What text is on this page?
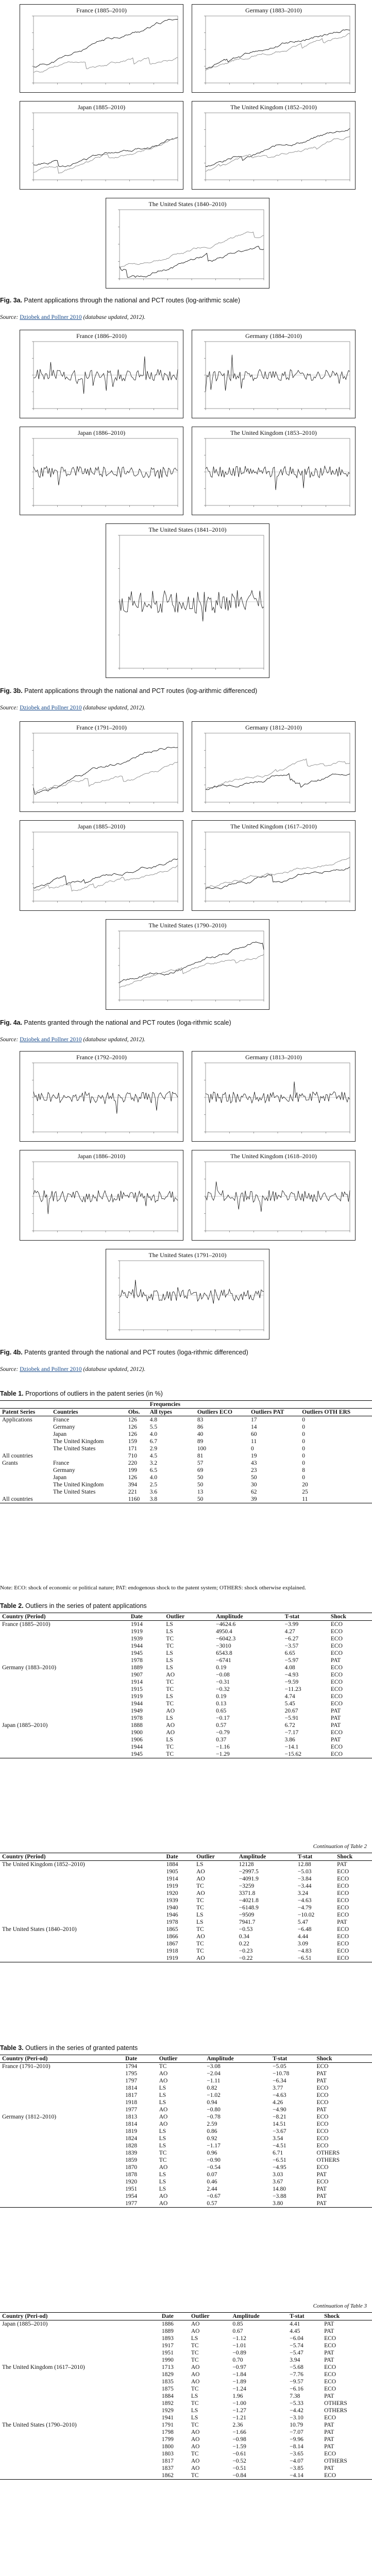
France (1885–2010)	Germany (1883–2010)
Japan (1885–2010)	The United Kingdom (1852–2010)
The United States (1840–2010)
Fig. 3a. Patent applications through the national and PCT routes (log-arithmic scale)
Source: Dziobek and Pollner 2010 (database updated, 2012).
France (1886–2010)	Germany (1884–2010)
Japan (1886–2010)	The United Kingdom (1853–2010)
The United States (1841–2010)
Fig. 3b. Patent applications through the national and PCT routes (log-arithmic differenced)
Source: Dziobek and Pollner 2010 (database updated, 2012).
France (1791–2010)	Germany (1812–2010)
Japan (1885–2010)	The United Kingdom (1617–2010)
The United States (1790–2010)
Fig. 4a. Patents granted through the national and PCT routes (loga-rithmic scale)
Source: Dziobek and Pollner 2010 (database updated, 2012).
France (1792–2010)	Germany (1813–2010)
Japan (1886–2010)	The United Kingdom (1618–2010)
The United States (1791–2010)
Fig. 4b. Patents granted through the national and PCT routes (loga-rithmic differenced)
Source: Dziobek and Pollner 2010 (database updated, 2012).
Table 1. Proportions of outliers in the patent series (in %)
			Frequencies			
Patent Series	Countries	Obs.	All types	Outliers ECO	Outliers PAT	Outliers OTH ERS
Applications	France	126	4.8	83	17	0
	Germany	126	5.5	86	14	0
	Japan	126	4.0	40	60	0
	The United Kingdom	159	6.7	89	11	0
	The United States	171	2.9	100	0	0
All countries		710	4.5	81	19	0
Grants	France	220	3.2	57	43	0
	Germany	199	6.5	69	23	8
	Japan	126	4.0	50	50	0
	The United Kingdom	394	2.5	50	30	20
	The United States	221	3.6	13	62	25
All countries		1160	3.8	50	39	11
Note: ECO: shock of economic or political nature; PAT: endogenous shock to the patent system; OTHERS: shock otherwise explained.
Table 2. Outliers in the series of patent applications
Country (Period)	Date	Outlier	Amplitude	T-stat	Shock
France (1885–2010)	1914	LS	−4624.6	−3.99	ECO
	1919	LS	4950.4	4.27	ECO
	1939	TC	−6042.3	−6.27	ECO
	1944	TC	−3010	−3.57	ECO
	1945	LS	6543.8	6.65	ECO
	1978	LS	−6741	−5.97	PAT
Germany (1883–2010)	1889	LS	0.19	4.08	ECO
	1907	AO	−0.08	−4.93	ECO
	1914	TC	−0.31	−9.59	ECO
	1915	TC	−0.32	−11.23	ECO
	1919	LS	0.19	4.74	ECO
	1944	TC	0.13	5.45	ECO
	1949	AO	0.65	20.67	PAT
	1978	LS	−0.17	−5.91	PAT
Japan (1885–2010)	1888	AO	0.57	6.72	PAT
	1900	AO	−0.79	−7.17	ECO
	1906	LS	0.37	3.86	PAT
	1944	TC	−1.16	−14.1	ECO
	1945	TC	−1.29	−15.62	ECO
Continuation of Table 2
Country (Period)	Date	Outlier	Amplitude	T-stat	Shock
The United Kingdom (1852–2010)	1884	LS	12128	12.88	PAT
	1905	AO	−2997.5	−5.03	ECO
	1914	AO	−4091.9	−3.84	ECO
	1919	TC	−3259	−3.44	ECO
	1920	AO	3371.8	3.24	ECO
	1939	TC	−4021.8	−4.63	ECO
	1940	TC	−6148.9	−4.79	ECO
	1946	LS	−9509	−10.02	ECO
	1978	LS	7941.7	5.47	PAT
The United States (1840–2010)	1865	TC	−0.53	−6.48	ECO
	1866	AO	0.34	4.44	ECO
	1867	TC	0.22	3.09	ECO
	1918	TC	−0.23	−4.83	ECO
	1919	AO	−0.22	−6.51	ECO
Table 3. Outliers in the series of granted patents
Country (Peri-od)	Date	Outlier	Amplitude	T-stat	Shock
France (1791–2010)	1794	TC	−3.08	−5.05	ECO
	1795	AO	−2.04	−10.78	PAT
	1797	AO	−1.11	−6.34	PAT
	1814	LS	0.82	3.77	ECO
	1817	LS	−1.02	−4.63	ECO
	1918	LS	0.94	4.26	ECO
	1977	AO	−0.80	−4.90	PAT
Germany (1812–2010)	1813	AO	−0.78	−8.21	ECO
	1814	AO	2.59	14.51	ECO
	1819	LS	0.86	−3.67	ECO
	1824	LS	0.92	3.54	ECO
	1828	LS	−1.17	−4.51	ECO
	1839	TC	0.96	6.71	OTHERS
	1859	TC	−0.90	−6.51	OTHERS
	1870	AO	−0.54	−4.95	ECO
	1878	LS	0.07	3.03	PAT
	1920	LS	0.46	3.67	ECO
	1951	LS	2.44	14.80	PAT
	1954	AO	−0.67	−3.88	PAT
	1977	AO	0.57	3.80	PAT
Continuation of Table 3
Country (Peri-od)	Date	Outlier	Amplitude	T-stat	Shock
Japan (1885–2010)	1886	AO	0.85	4.41	PAT
	1889	AO	0.67	4.45	PAT
	1893	LS	−1.12	−6.04	ECO
	1917	TC	−1.01	−5.74	ECO
	1951	TC	−0.89	−5.47	PAT
	1990	TC	0.70	3.94	PAT
The United Kingdom (1617–2010)	1713	AO	−0.97	−5.68	ECO
	1829	AO	−1.84	−7.76	ECO
	1835	AO	−1.89	−9.57	ECO
	1875	TC	−1.24	−6.16	ECO
	1884	LS	1.96	7.38	PAT
	1892	TC	−1.00	−5.33	OTHERS
	1929	LS	−1.27	−4.42	OTHERS
	1941	LS	−1.21	−3.10	ECO
The United States (1790–2010)	1791	TC	2.36	10.79	PAT
	1798	AO	−1.66	−7.07	PAT
	1799	AO	−0.98	−9.96	PAT
	1800	AO	−1.59	−8.14	PAT
	1803	TC	−0.61	−3.65	ECO
	1817	AO	−0.52	−4.07	OTHERS
	1837	AO	−0.51	−3.85	PAT
	1862	TC	−0.84	−4.14	ECO
